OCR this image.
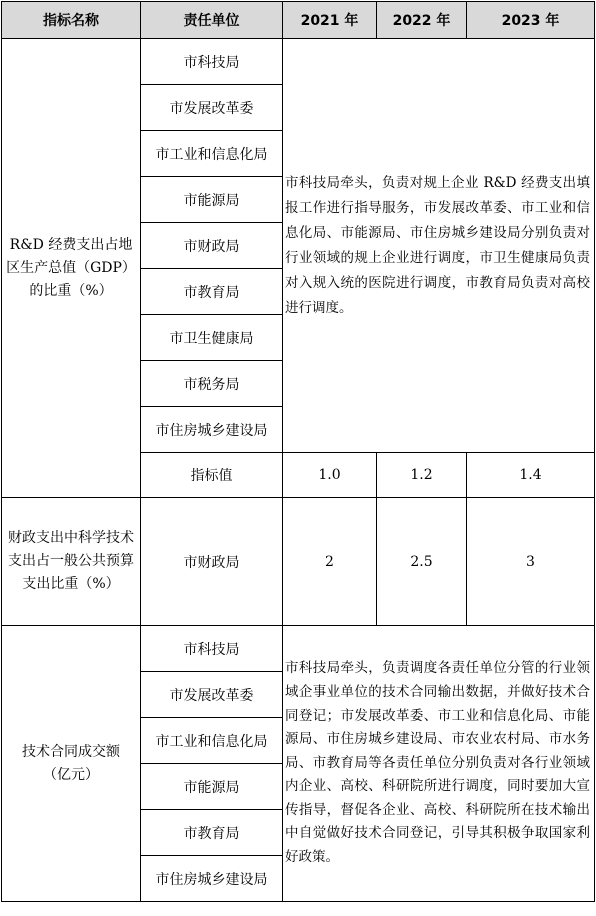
指标名称	责任单位	2021 年	2022 年	2023 年
R&D 经费支出占地区生产总值（GDP）的比重（%）	市科技局	市科技局牵头，负责对规上企业 R&D 经费支出填报工作进行指导服务，市发展改革委、市工业和信息化局、市能源局、市住房城乡建设局分别负责对行业领域的规上企业进行调度，市卫生健康局负责对入规入统的医院进行调度，市教育局负责对高校进行调度。		
	市发展改革委			
	市工业和信息化局			
	市能源局			
	市财政局			
	市教育局			
	市卫生健康局			
	市税务局			
	市住房城乡建设局			
	指标值	1.0	1.2	1.4
财政支出中科学技术支出占一般公共预算支出比重（%）	市财政局	2	2.5	3
技术合同成交额（亿元）	市科技局	市科技局牵头，负责调度各责任单位分管的行业领域企事业单位的技术合同输出数据，并做好技术合同登记；市发展改革委、市工业和信息化局、市能源局、市住房城乡建设局、市农业农村局、市水务局、市教育局等各责任单位分别负责对各行业领域内企业、高校、科研院所进行调度，同时要加大宣传指导，督促各企业、高校、科研院所在技术输出中自觉做好技术合同登记，引导其积极争取国家利好政策。		
	市发展改革委			
	市工业和信息化局			
	市能源局			
	市教育局			
	市住房城乡建设局			
